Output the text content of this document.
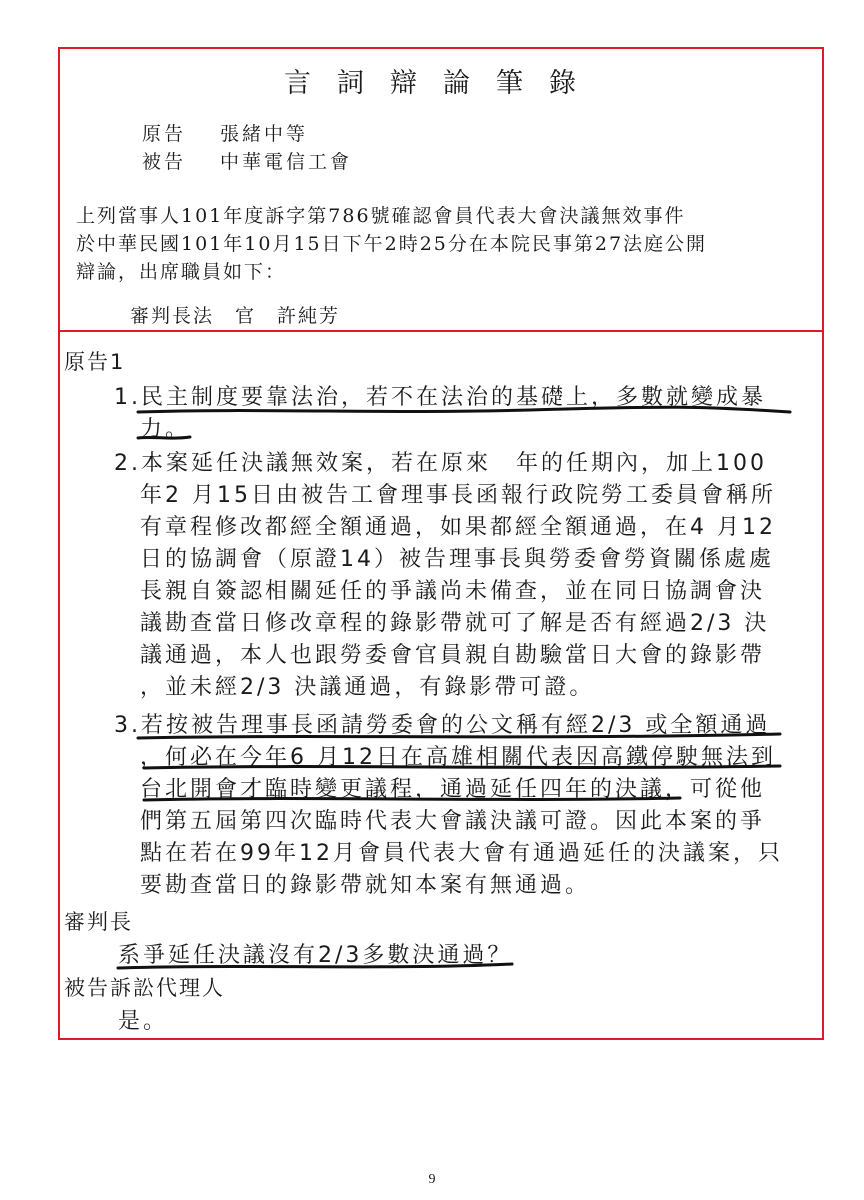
言詞辯論筆錄
原告 張緒中等
被告 中華電信工會
上列當事人101年度訴字第786號確認會員代表大會決議無效事件
於中華民國101年10月15日下午2時25分在本院民事第27法庭公開
辯論，出席職員如下：
審判長法　官　許純芳
原告1
1.民主制度要靠法治，若不在法治的基礎上，多數就變成暴
力。
2.本案延任決議無效案，若在原來　年的任期內，加上100
年2 月15日由被告工會理事長函報行政院勞工委員會稱所
有章程修改都經全額通過，如果都經全額通過，在4 月12
日的協調會（原證14）被告理事長與勞委會勞資關係處處
長親自簽認相關延任的爭議尚未備查，並在同日協調會決
議勘查當日修改章程的錄影帶就可了解是否有經過2/3 決
議通過，本人也跟勞委會官員親自勘驗當日大會的錄影帶
，並未經2/3 決議通過，有錄影帶可證。
3.若按被告理事長函請勞委會的公文稱有經2/3 或全額通過
，何必在今年6 月12日在高雄相關代表因高鐵停駛無法到
台北開會才臨時變更議程，通過延任四年的決議，可從他
們第五屆第四次臨時代表大會議決議可證。因此本案的爭
點在若在99年12月會員代表大會有通過延任的決議案，只
要勘查當日的錄影帶就知本案有無通過。
審判長
系爭延任決議沒有2/3多數決通過？
被告訴訟代理人
是。
9
